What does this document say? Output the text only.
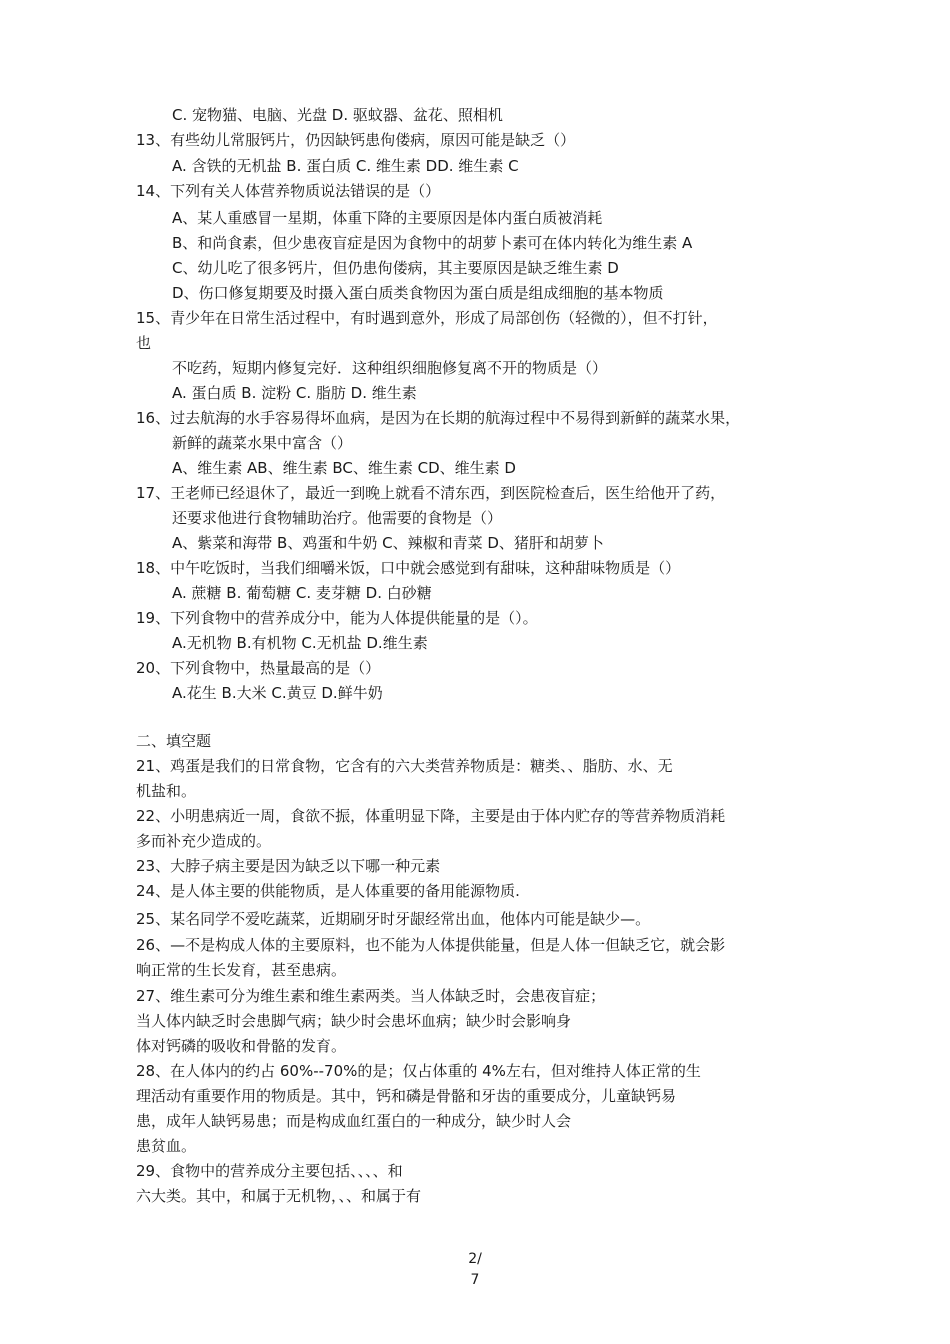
C. 宠物猫、电脑、光盘 D. 驱蚊器、盆花、照相机
13、有些幼儿常服钙片，仍因缺钙患佝偻病，原因可能是缺乏（）
A. 含铁的无机盐 B. 蛋白质 C. 维生素 DD. 维生素 C
14、下列有关人体营养物质说法错误的是（）
A、某人重感冒一星期，体重下降的主要原因是体内蛋白质被消耗
B、和尚食素，但少患夜盲症是因为食物中的胡萝卜素可在体内转化为维生素 A
C、幼儿吃了很多钙片，但仍患佝偻病，其主要原因是缺乏维生素 D
D、伤口修复期要及时摄入蛋白质类食物因为蛋白质是组成细胞的基本物质
15、青少年在日常生活过程中，有时遇到意外，形成了局部创伤（轻微的），但不打针，
也
不吃药，短期内修复完好．这种组织细胞修复离不开的物质是（）
A. 蛋白质 B. 淀粉 C. 脂肪 D. 维生素
16、过去航海的水手容易得坏血病，是因为在长期的航海过程中不易得到新鲜的蔬菜水果，
新鲜的蔬菜水果中富含（）
A、维生素 AB、维生素 BC、维生素 CD、维生素 D
17、王老师已经退休了，最近一到晚上就看不清东西，到医院检查后，医生给他开了药，
还要求他进行食物辅助治疗。他需要的食物是（）
A、紫菜和海带 B、鸡蛋和牛奶 C、辣椒和青菜 D、猪肝和胡萝卜
18、中午吃饭时，当我们细嚼米饭，口中就会感觉到有甜味，这种甜味物质是（）
A. 蔗糖 B. 葡萄糖 C. 麦芽糖 D. 白砂糖
19、下列食物中的营养成分中，能为人体提供能量的是（）。
A.无机物 B.有机物 C.无机盐 D.维生素
20、下列食物中，热量最高的是（）
A.花生 B.大米 C.黄豆 D.鲜牛奶
二、填空题
21、鸡蛋是我们的日常食物，它含有的六大类营养物质是：糖类、、脂肪、水、无
机盐和。
22、小明患病近一周，食欲不振，体重明显下降，主要是由于体内贮存的等营养物质消耗
多而补充少造成的。
23、大脖子病主要是因为缺乏以下哪一种元素
24、是人体主要的供能物质，是人体重要的备用能源物质.
25、某名同学不爱吃蔬菜，近期刷牙时牙龈经常出血，他体内可能是缺少—。
26、—不是构成人体的主要原料，也不能为人体提供能量，但是人体一但缺乏它，就会影
响正常的生长发育，甚至患病。
27、维生素可分为维生素和维生素两类。当人体缺乏时，会患夜盲症；
当人体内缺乏时会患脚气病；缺少时会患坏血病；缺少时会影响身
体对钙磷的吸收和骨骼的发育。
28、在人体内的约占 60%--70%的是；仅占体重的 4%左右，但对维持人体正常的生
理活动有重要作用的物质是。其中，钙和磷是骨骼和牙齿的重要成分，儿童缺钙易
患，成年人缺钙易患；而是构成血红蛋白的一种成分，缺少时人会
患贫血。
29、食物中的营养成分主要包括、、、、和
六大类。其中，和属于无机物，、、和属于有
2/
7
